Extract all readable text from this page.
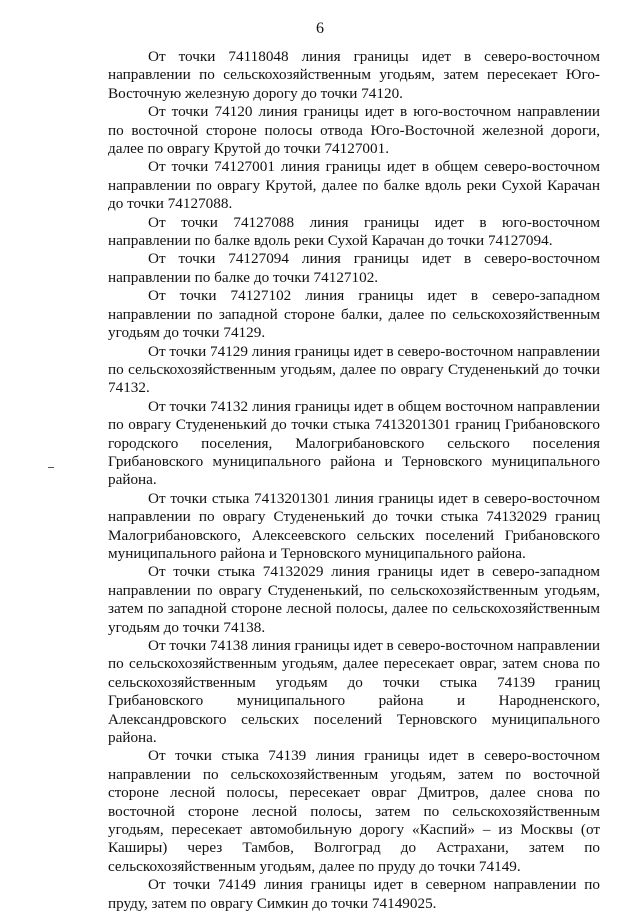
6

От точки 74118048 линия границы идет в северо-восточном направлении по сельскохозяйственным угодьям, затем пересекает Юго-Восточную железную дорогу до точки 74120.

От точки 74120 линия границы идет в юго-восточном направлении по восточной стороне полосы отвода Юго-Восточной железной дороги, далее по оврагу Крутой до точки 74127001.

От точки 74127001 линия границы идет в общем северо-восточном направлении по оврагу Крутой, далее по балке вдоль реки Сухой Карачан до точки 74127088.

От точки 74127088 линия границы идет в юго-восточном направлении по балке вдоль реки Сухой Карачан до точки 74127094.

От точки 74127094 линия границы идет в северо-восточном направлении по балке до точки 74127102.

От точки 74127102 линия границы идет в северо-западном направлении по западной стороне балки, далее по сельскохозяйственным угодьям до точки 74129.

От точки 74129 линия границы идет в северо-восточном направлении по сельскохозяйственным угодьям, далее по оврагу Студененький до точки 74132.

От точки 74132 линия границы идет в общем восточном направлении по оврагу Студененький до точки стыка 7413201301 границ Грибановского городского поселения, Малогрибановского сельского поселения Грибановского муниципального района и Терновского муниципального района.

От точки стыка 7413201301 линия границы идет в северо-восточном направлении по оврагу Студененький до точки стыка 74132029 границ Малогрибановского, Алексеевского сельских поселений Грибановского муниципального района и Терновского муниципального района.

От точки стыка 74132029 линия границы идет в северо-западном направлении по оврагу Студененький, по сельскохозяйственным угодьям, затем по западной стороне лесной полосы, далее по сельскохозяйственным угодьям до точки 74138.

От точки 74138 линия границы идет в северо-восточном направлении по сельскохозяйственным угодьям, далее пересекает овраг, затем снова по сельскохозяйственным угодьям до точки стыка 74139 границ Грибановского муниципального района и Народненского, Александровского сельских поселений Терновского муниципального района.

От точки стыка 74139 линия границы идет в северо-восточном направлении по сельскохозяйственным угодьям, затем по восточной стороне лесной полосы, пересекает овраг Дмитров, далее снова по восточной стороне лесной полосы, затем по сельскохозяйственным угодьям, пересекает автомобильную дорогу «Каспий» – из Москвы (от Каширы) через Тамбов, Волгоград до Астрахани, затем по сельскохозяйственным угодьям, далее по пруду до точки 74149.

От точки 74149 линия границы идет в северном направлении по пруду, затем по оврагу Симкин до точки 74149025.
